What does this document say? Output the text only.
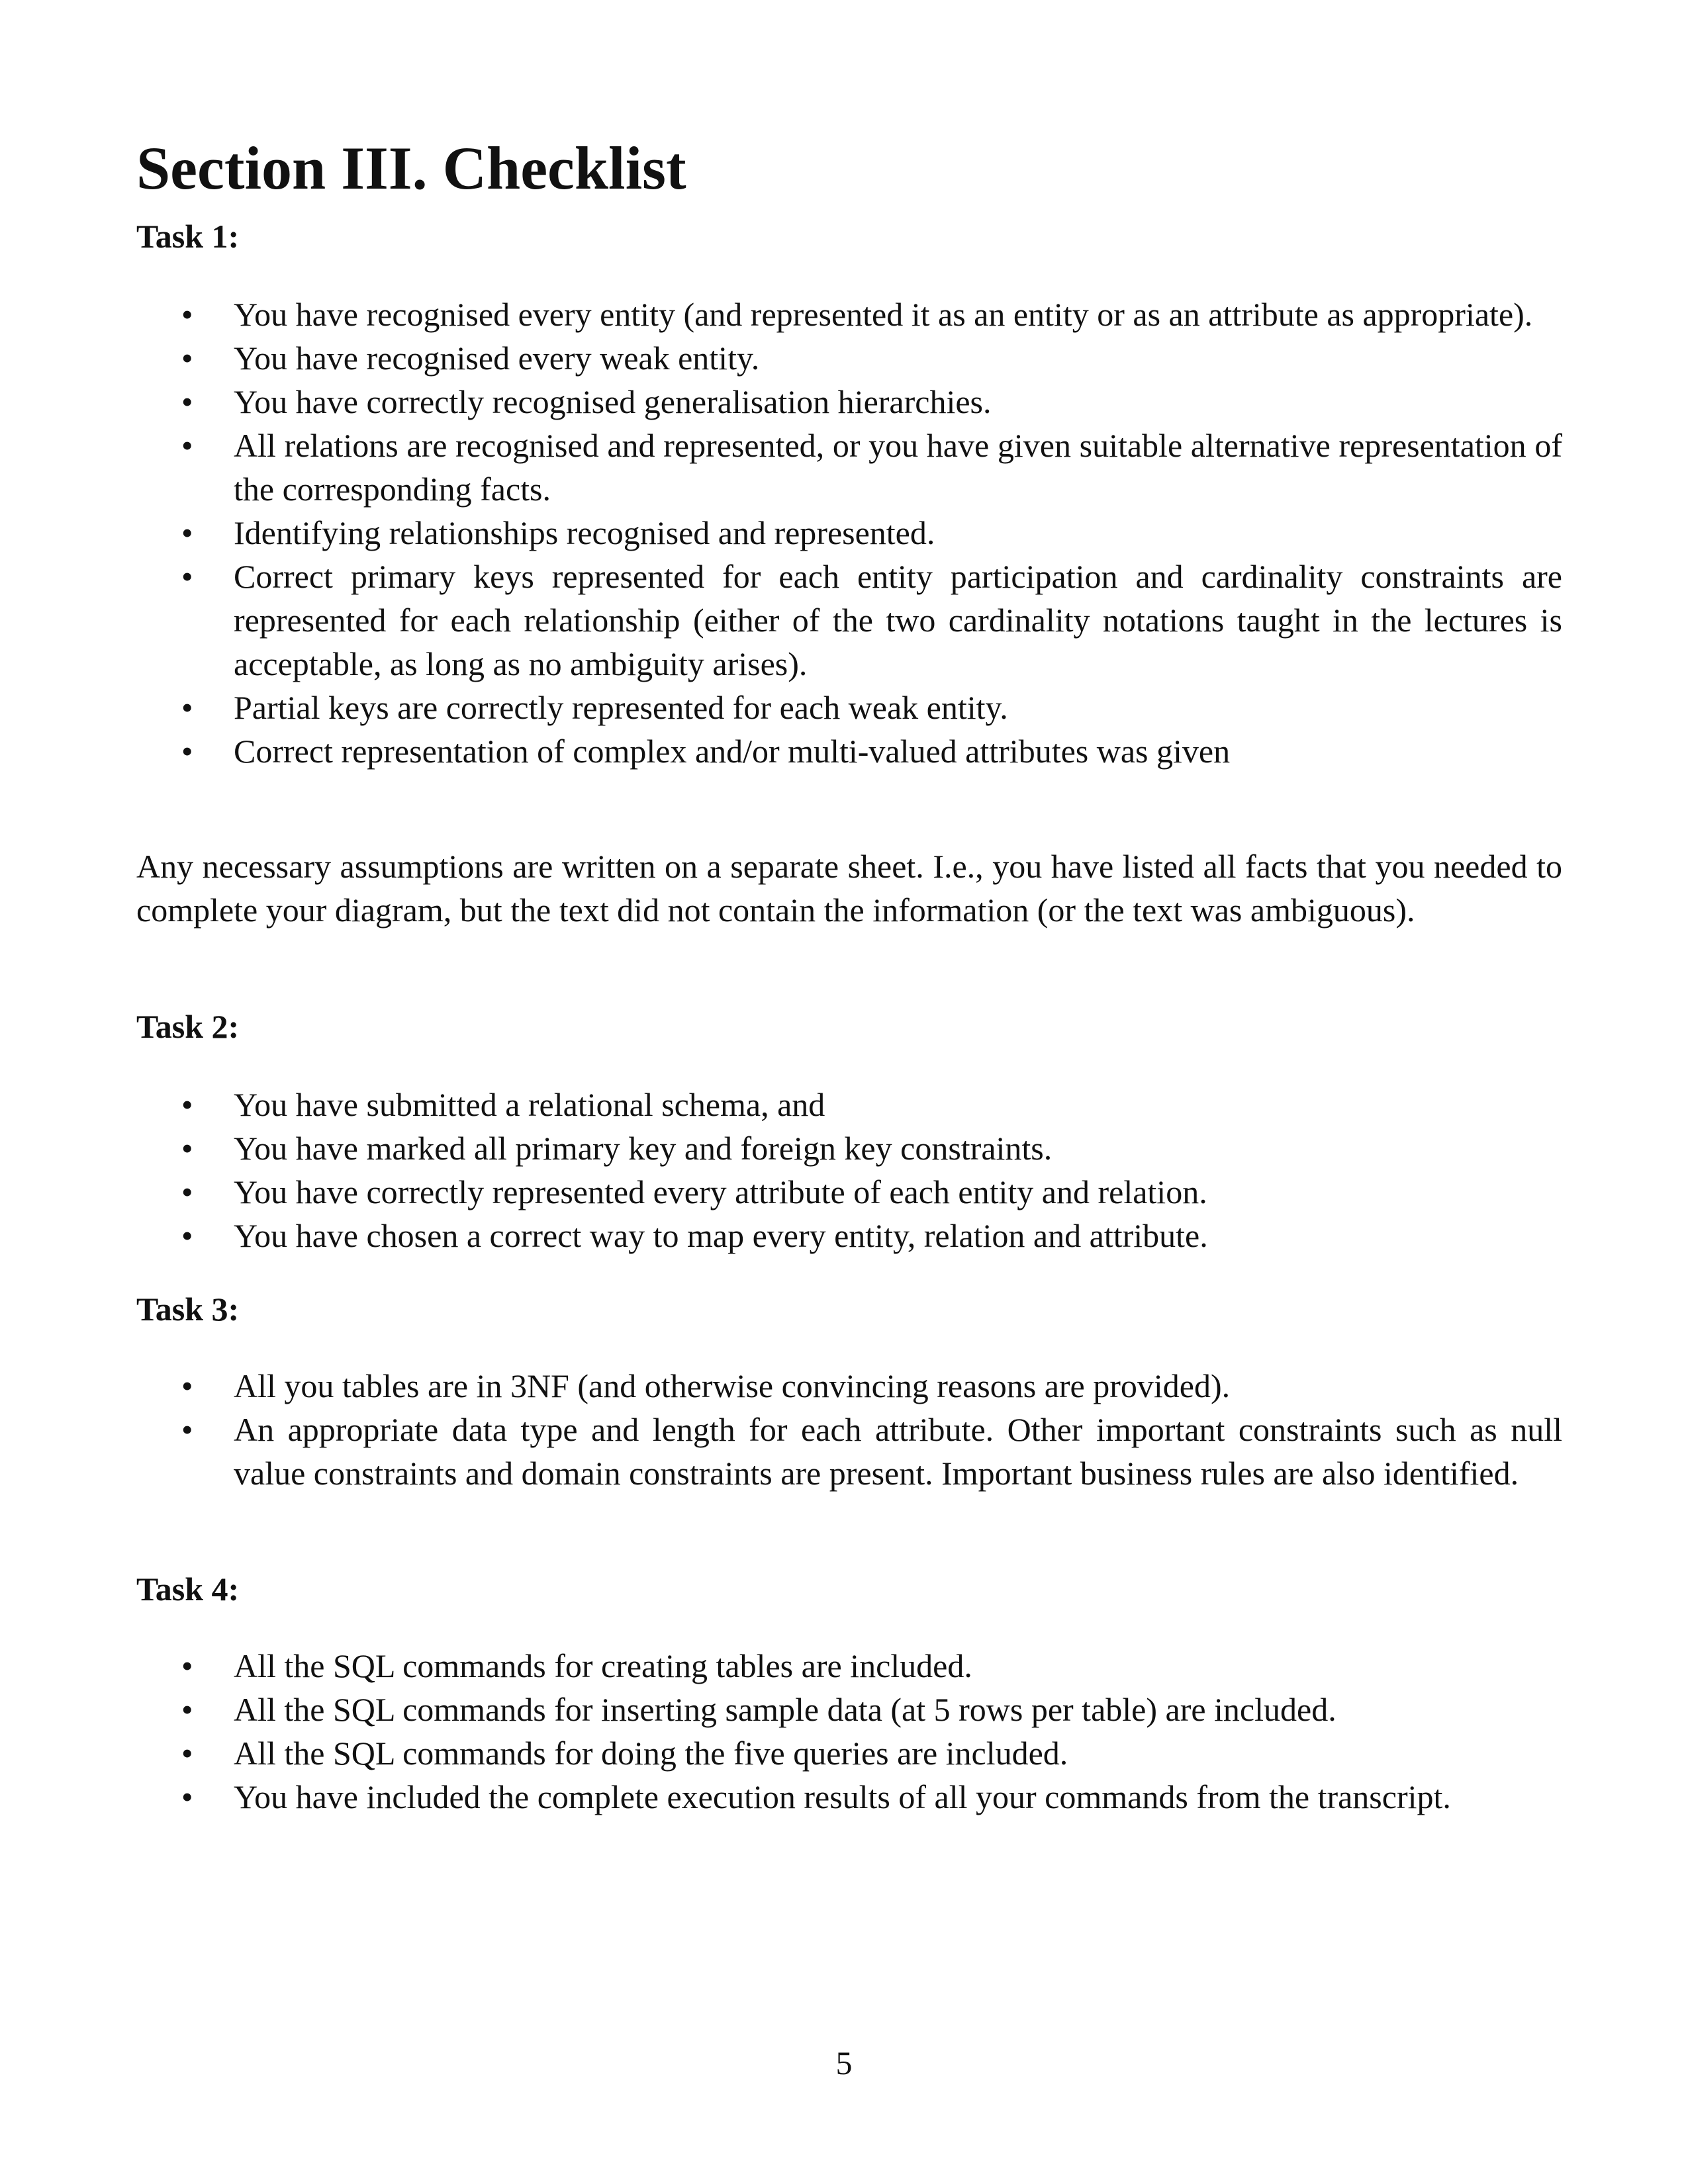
Section III. Checklist
Task 1:
• You have recognised every entity (and represented it as an entity or as an attribute as appropriate).
• You have recognised every weak entity.
• You have correctly recognised generalisation hierarchies.
• All relations are recognised and represented, or you have given suitable alternative representation of the corresponding facts.
• Identifying relationships recognised and represented.
• Correct primary keys represented for each entity participation and cardinality constraints are represented for each relationship (either of the two cardinality notations taught in the lectures is acceptable, as long as no ambiguity arises).
• Partial keys are correctly represented for each weak entity.
• Correct representation of complex and/or multi-valued attributes was given

Any necessary assumptions are written on a separate sheet. I.e., you have listed all facts that you needed to complete your diagram, but the text did not contain the information (or the text was ambiguous).

Task 2:
• You have submitted a relational schema, and
• You have marked all primary key and foreign key constraints.
• You have correctly represented every attribute of each entity and relation.
• You have chosen a correct way to map every entity, relation and attribute.
Task 3:
• All you tables are in 3NF (and otherwise convincing reasons are provided).
• An appropriate data type and length for each attribute. Other important constraints such as null value constraints and domain constraints are present. Important business rules are also identified.
Task 4:
• All the SQL commands for creating tables are included.
• All the SQL commands for inserting sample data (at 5 rows per table) are included.
• All the SQL commands for doing the five queries are included.
• You have included the complete execution results of all your commands from the transcript.
5
